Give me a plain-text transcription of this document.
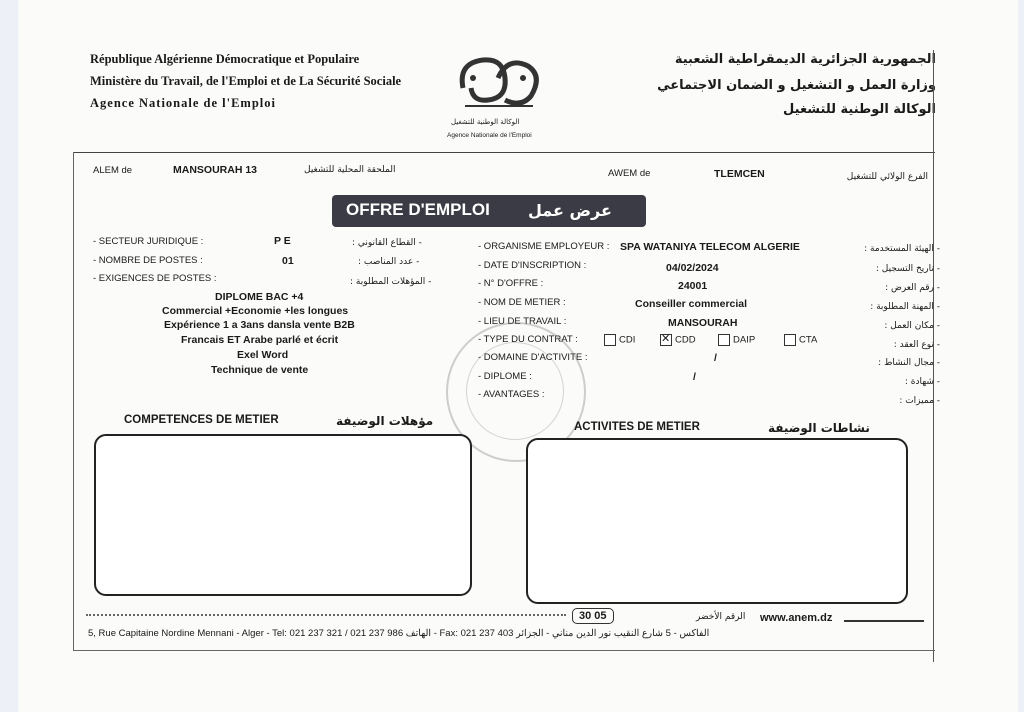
République Algérienne Démocratique et Populaire
Ministère du Travail, de l'Emploi et de La Sécurité Sociale
Agence Nationale de l'Emploi
الوكالة الوطنية للتشغيل
Agence Nationale de l'Emploi
الجمهورية الجزائرية الديمقراطية الشعبية
وزارة العمل و التشغيل و الضمان الاجتماعي
الوكالة الوطنية للتشغيل
ALEM de	MANSOURAH 13	الملحقة المحلية للتشغيل	AWEM de	TLEMCEN	الفرع الولائي للتشغيل
OFFRE D'EMPLOI عرض عمل
- SECTEUR JURIDIQUE :	P E	- القطاع القانوني :
- NOMBRE DE POSTES :	01	- عدد المناصب :
- EXIGENCES DE POSTES :	- المؤهلات المطلوبة :
DIPLOME BAC +4
Commercial +Economie +les longues
Expérience 1 a 3ans dansla vente B2B
Francais ET Arabe parlé et écrit
Exel Word
Technique de vente
- ORGANISME EMPLOYEUR : SPA WATANIYA TELECOM ALGERIE	- الهيئة المستخدمة :
- DATE D'INSCRIPTION :	04/02/2024	- تاريخ التسجيل :
- N° D'OFFRE :	24001	- رقم العرض :
- NOM DE METIER :	Conseiller commercial	- المهنة المطلوبة :
- LIEU DE TRAVAIL :	MANSOURAH	- مكان العمل :
- TYPE DU CONTRAT :	CDI
✕	CDD	DAIP	CTA	- نوع العقد :
- DOMAINE D'ACTIVITE :	/	- مجال النشاط :
- DIPLOME :	/	- شهادة :
- AVANTAGES :
- مميزات :
COMPETENCES DE METIER	مؤهلات الوضيفة	ACTIVITES DE METIER	نشاطات الوضيفة
الرقم الأخضر
30 05	www.anem.dz
5, Rue Capitaine Nordine Mennani - Alger - Tel: 021 237 321 / 021 237 986 الهاتف - Fax: 021 237 403 الفاكس - 5 شارع النقيب نور الدين مناني - الجزائر
